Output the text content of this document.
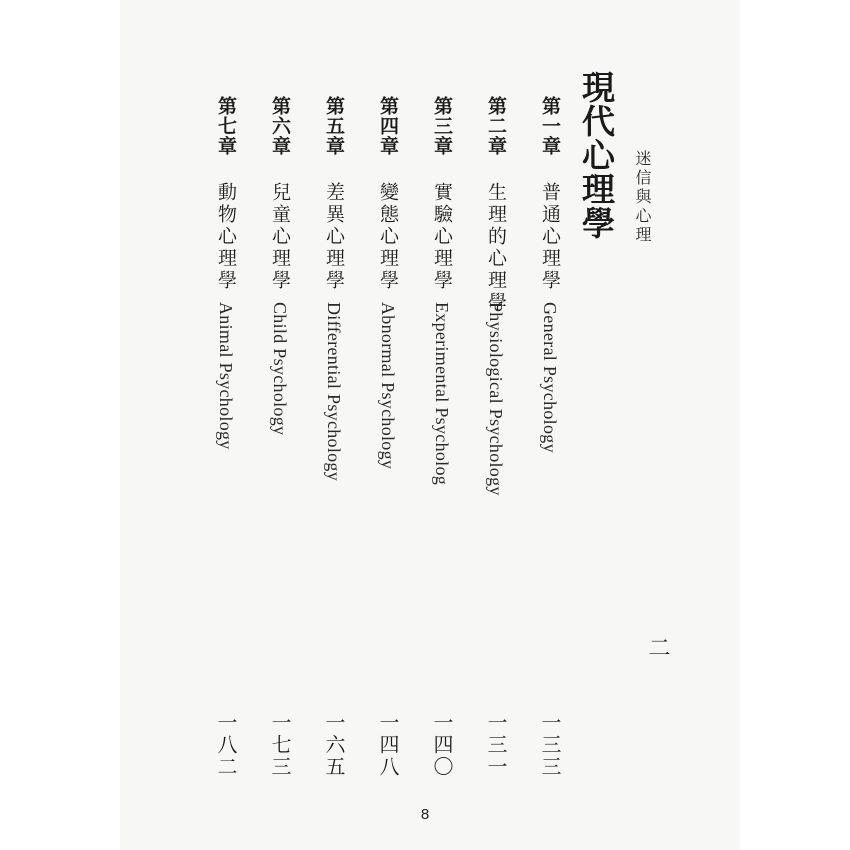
迷信與心理
二
現代心理學
第一章
普通心理學
General Psychology
一三三
第二章
生理的心理學
Physiological Psychology
一三一
第三章
實驗心理學
Experimental Psycholog
一四〇
第四章
變態心理學
Abnormal Psychology
一四八
第五章
差異心理學
Differential Psychology
一六五
第六章
兒童心理學
Child Psychology
一七三
第七章
動物心理學
Animal Psychology
一八二
8
